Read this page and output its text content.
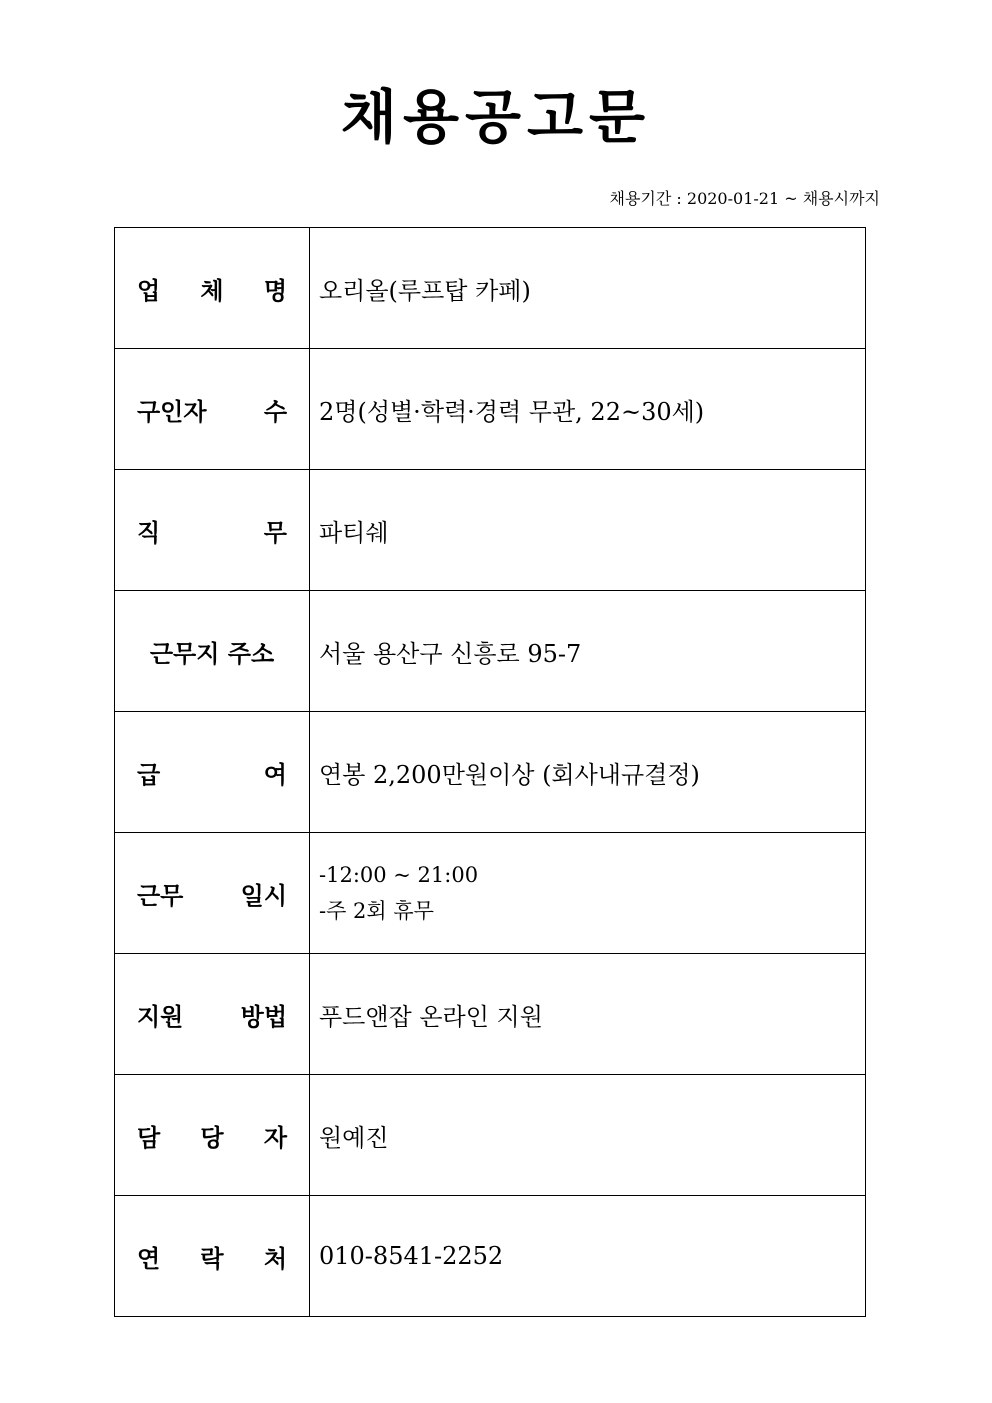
채용공고문
채용기간 : 2020-01-21 ~ 채용시까지
업 체 명	오리올(루프탑 카페)
구인자 수	2명(성별·학력·경력 무관, 22~30세)
직 무	파티쉐
근무지 주소	서울 용산구 신흥로 95-7
급 여	연봉 2,200만원이상 (회사내규결정)
근무 일시	-12:00 ~ 21:00
-주 2회 휴무

지원 방법	푸드앤잡 온라인 지원
담 당 자	원예진
연 락 처	010-8541-2252
